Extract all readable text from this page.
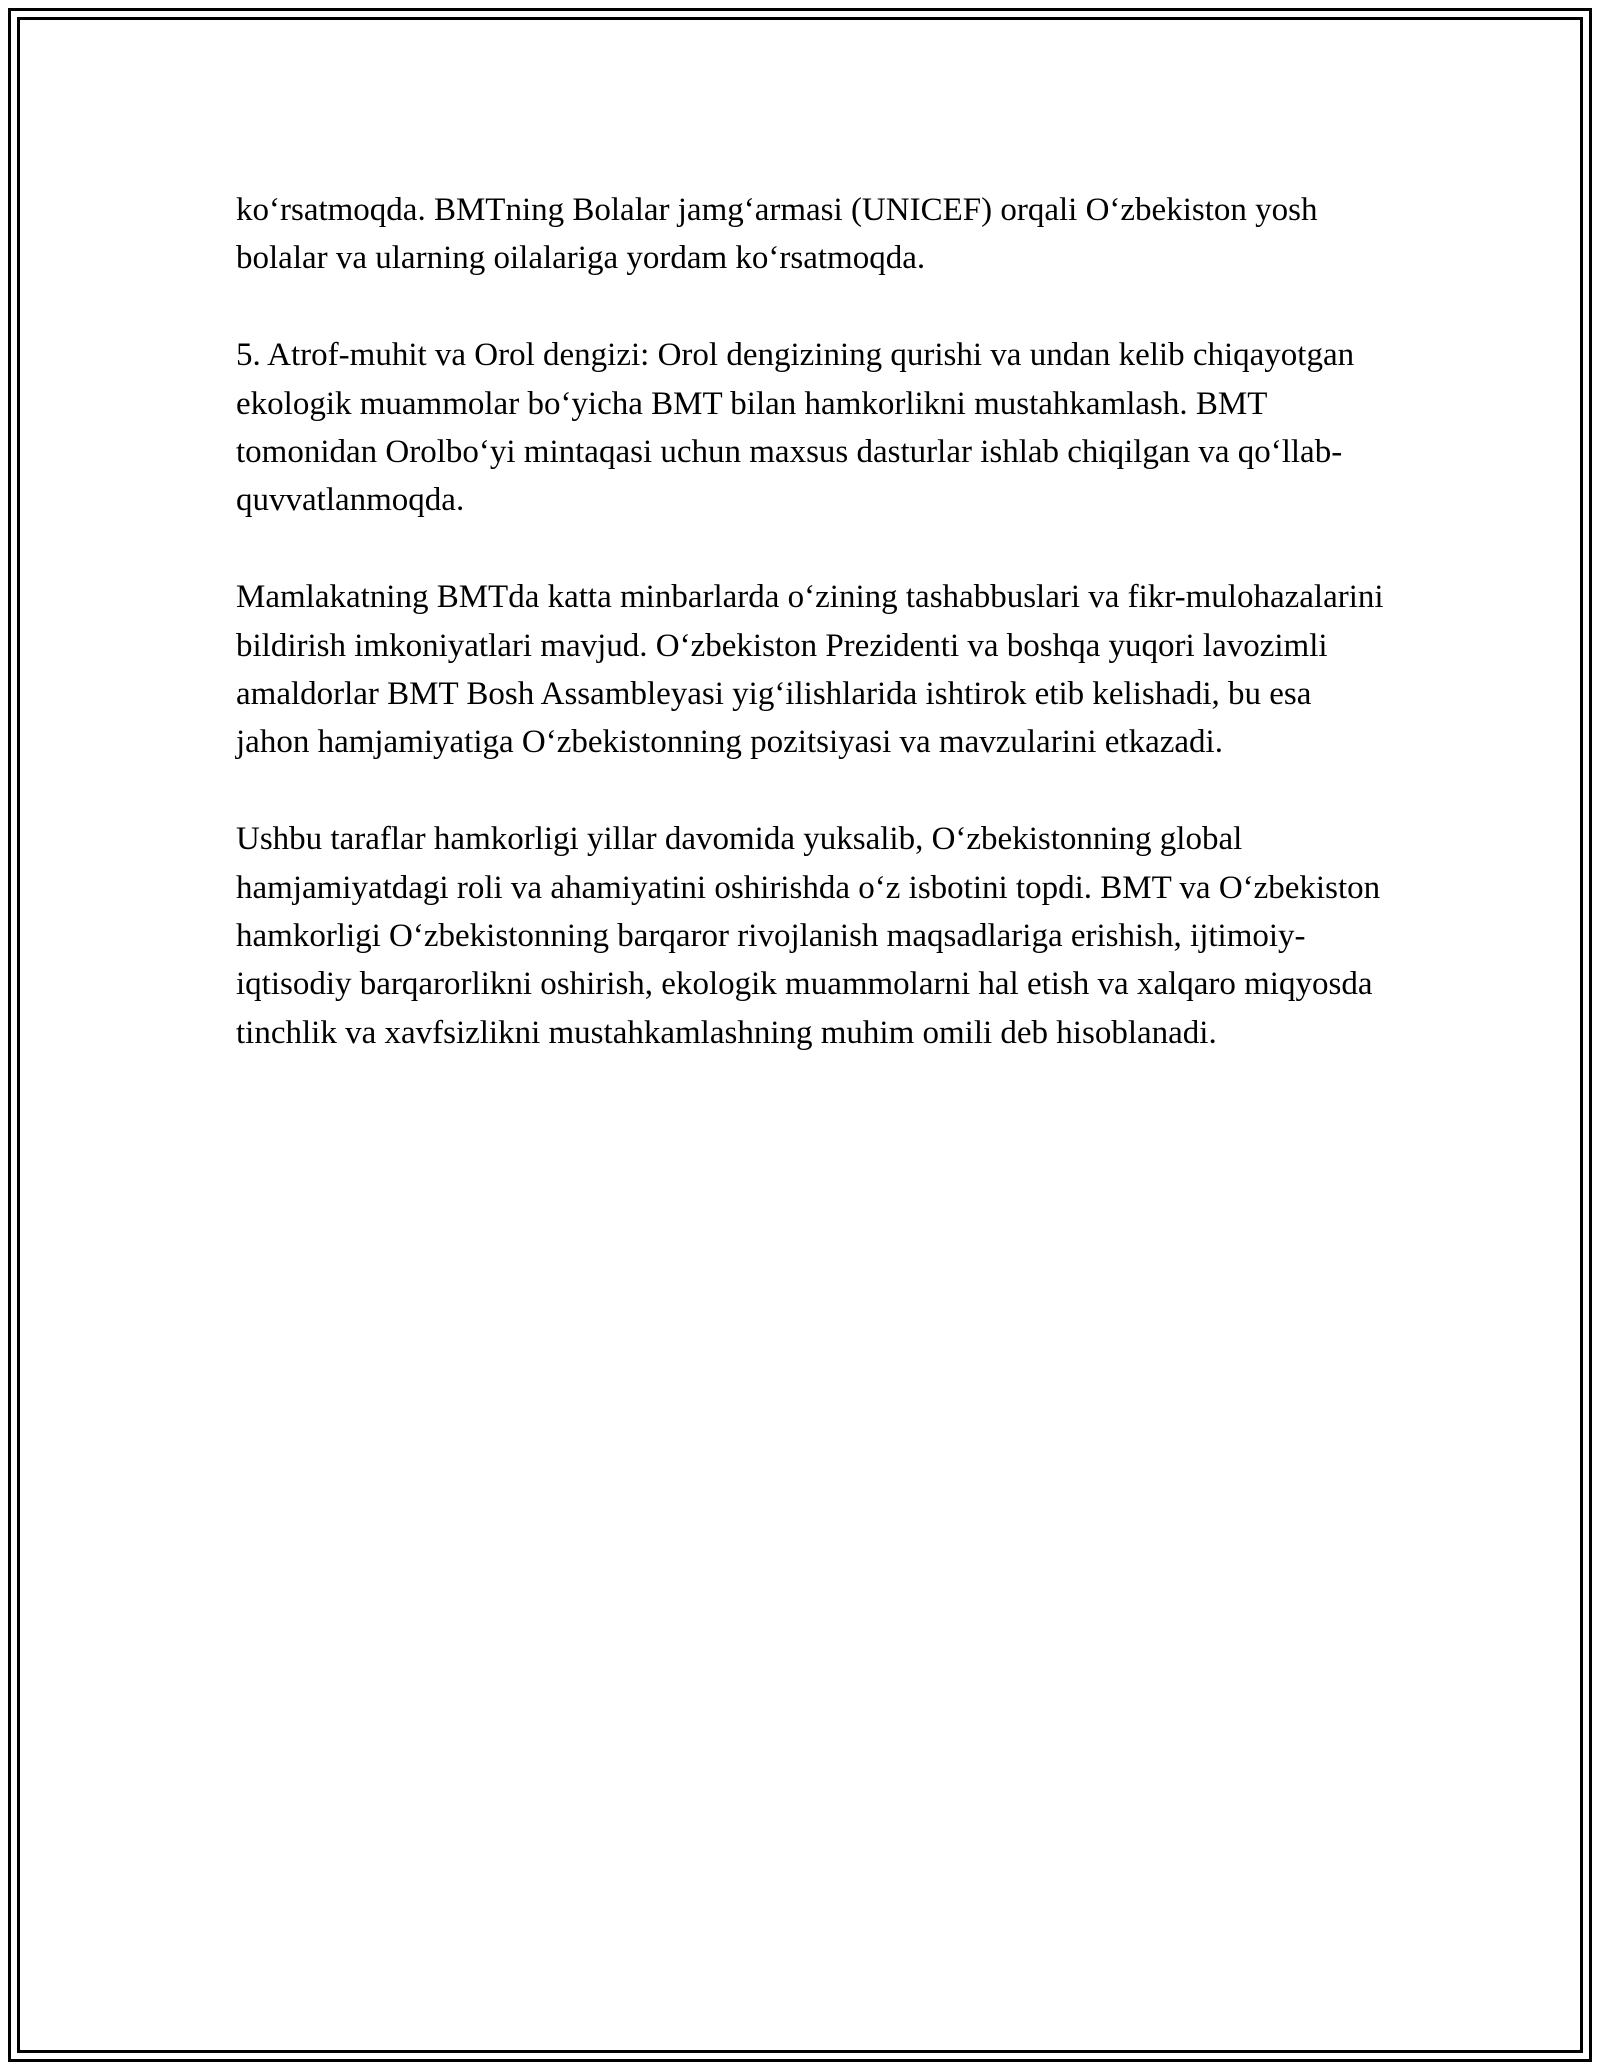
ko‘rsatmoqda. BMTning Bolalar jamg‘armasi (UNICEF) orqali O‘zbekiston yosh bolalar va ularning oilalariga yordam ko‘rsatmoqda.

5. Atrof-muhit va Orol dengizi: Orol dengizining qurishi va undan kelib chiqayotgan ekologik muammolar bo‘yicha BMT bilan hamkorlikni mustahkamlash. BMT tomonidan Orolbo‘yi mintaqasi uchun maxsus dasturlar ishlab chiqilgan va qo‘llab-quvvatlanmoqda.

Mamlakatning BMTda katta minbarlarda o‘zining tashabbuslari va fikr-mulohazalarini bildirish imkoniyatlari mavjud. O‘zbekiston Prezidenti va boshqa yuqori lavozimli amaldorlar BMT Bosh Assambleyasi yig‘ilishlarida ishtirok etib kelishadi, bu esa jahon hamjamiyatiga O‘zbekistonning pozitsiyasi va mavzularini etkazadi.

Ushbu taraflar hamkorligi yillar davomida yuksalib, O‘zbekistonning global hamjamiyatdagi roli va ahamiyatini oshirishda o‘z isbotini topdi. BMT va O‘zbekiston hamkorligi O‘zbekistonning barqaror rivojlanish maqsadlariga erishish, ijtimoiy-iqtisodiy barqarorlikni oshirish, ekologik muammolarni hal etish va xalqaro miqyosda tinchlik va xavfsizlikni mustahkamlashning muhim omili deb hisoblanadi.
